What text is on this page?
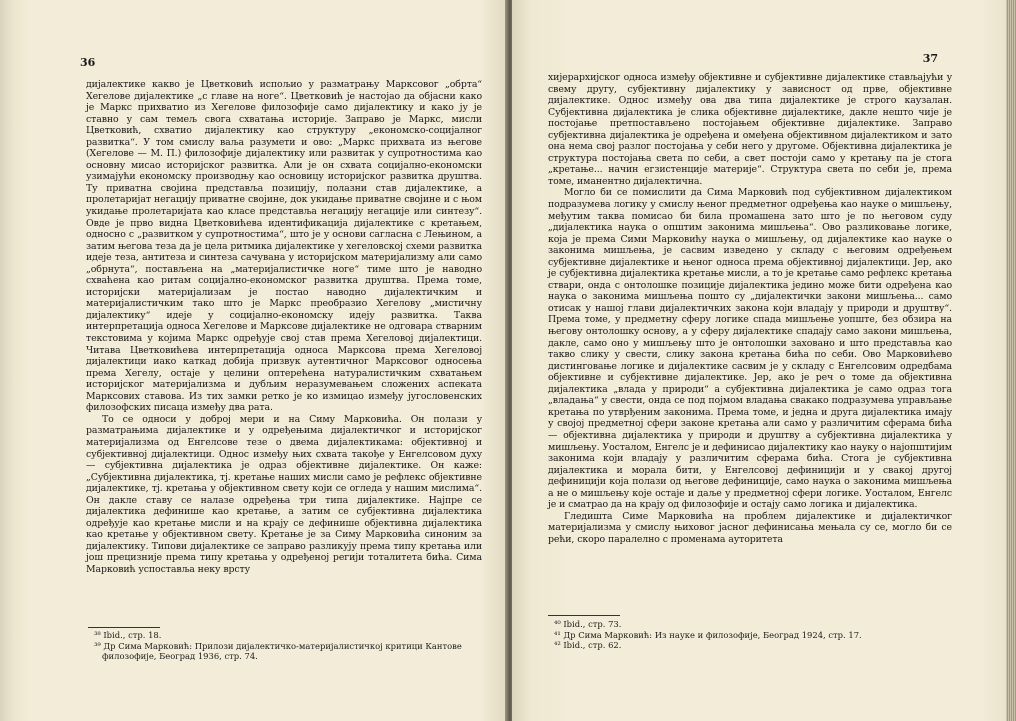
36

дијалектике какво је Цветковић испољио у разматрању Марксовог „обрта“ Хегелове дијалектике „с главе на ноге“. Цветковић је настојао да објасни како је Маркс прихватио из Хегелове филозофије само дијалектику и како ју је ставно у сам темељ свога схватања историје. Заправо је Маркс, мисли Цветковић, схватио дијалектику као структуру „економско-социјалног развитка“. У том смислу ваља разумети и ово: „Маркс прихвата из његове (Хегелове — М. П.) филозофије дијалектику или развитак у супротностима као основну мисао историјског развитка. Али је он схвата социјално-економски узимајући економску производњу као основицу историјског развитка друштва. Ту приватна својина представља позицију, полазни став дијалектике, а пролетаријат негацију приватне својине, док укидање приватне својине и с њом укидање пролетаријата као класе представља негацију негације или синтезу“. Овде је прво видна Цветковићева идентификација дијалектике с кретањем, односно с „развитком у супротностима“, што је у основи сагласна с Лењином, а затим његова теза да је цела ритмика дијалектике у хегеловској схеми развитка идеје теза, антитеза и синтеза сачувана у историјском материјализму али само „обрнута“, постављена на „материјалистичке ноге“ тиме што је наводно схваћена као ритам социјално-економског развитка друштва. Према томе, историјски материјализам је постао наводно дијалектичким и материјалистичким тако што је Маркс преобразио Хегелову „мистичну дијалектику“ идеје у социјално-економску идеју развитка. Таква интерпретација односа Хегелове и Марксове дијалектике не одговара стварним текстовима у којима Маркс одређује свој став према Хегеловој дијалектици. Читава Цветковићева интерпретација односа Марксова према Хегеловој дијалектици иако каткад добија призвук аутентичног Марксовог односења према Хегелу, остаје у целини оптерећена натуралистичким схватањем историјског материјализма и дубљим неразумевањем сложених аспеката Марксових ставова. Из тих замки ретко је ко измицао између југословенских филозофских писаца између два рата.

То се односи у доброј мери и на Симу Марковића. Он полази у разматрањима дијалектике и у одређењима дијалектичког и историјског материјализма од Енгелсове тезе о двема дијалектикама: објективној и субјективној дијалектици. Однос између њих схвата такође у Енгелсовом духу — субјективна дијалектика је одраз објективне дијалектике. Он каже: „Субјективна дијалектика, тј. кретање наших мисли само је рефлекс објективне дијалектике, тј. кретања у објективном свету који се огледа у нашим мислима“. Он дакле ставу се налазе одређења три типа дијалектике. Најпре се дијалектика дефинише као кретање, а затим се субјективна дијалектика одређује као кретање мисли и на крају се дефинише објективна дијалектика као кретање у објективном свету. Кретање је за Симу Марковића синоним за дијалектику. Типови дијалектике се заправо разликују према типу кретања или још прецизније према типу кретања у одређеној регији тоталитета бића. Сима Марковић успоставља неку врсту

³⁸ Ibid., стр. 18.
³⁹ Др Сима Марковић: Прилози дијалектичко-материјалистичкој критици Кантове филозофије, Београд 1936, стр. 74.
37

хијерархијског односа између објективне и субјективне дијалектике стављајући у свему другу, субјективну дијалектику у зависност од прве, објективне дијалектике. Однос између ова два типа дијалектике је строго каузалан. Субјективна дијалектика је слика објективне дијалектике, дакле нешто чије је постојање претпостављено постојањем објективне дијалектике. Заправо субјективна дијалектика је одређена и омеђена објективном дијалектиком и зато она нема свој разлог постојања у себи него у другоме. Објективна дијалектика је структура постојања света по себи, а свет постоји само у кретању па је стога „кретање... начин егзистенције материје“. Структура света по себи је, према томе, иманентно дијалектична.

Могло би се помислити да Сима Марковић под субјективном дијалектиком подразумева логику у смислу њеног предметног одређења као науке о мишљењу, међутим таква помисао би била промашена зато што је по његовом суду „дијалектика наука о општим законима мишљења“. Ово разликовање логике, која је према Сими Марковићу наука о мишљењу, од дијалектике као науке о законима мишљења, је сасвим изведено у складу с његовим одређењем субјективне дијалектике и њеног односа према објективној дијалектици. Јер, ако је субјективна дијалектика кретање мисли, а то је кретање само рефлекс кретања ствари, онда с онтолошке позиције дијалектика једино може бити одређена као наука о законима мишљења пошто су „дијалектички закони мишљења... само отисак у нашој глави дијалектичких закона који владају у природи и друштву“. Према томе, у предметну сферу логике спада мишљење уопште, без обзира на његову онтолошку основу, а у сферу дијалектике спадају само закони мишљења, дакле, само оно у мишљењу што је онтолошки заховано и што представља као такво слику у свести, слику закона кретања бића по себи. Ово Марковићево дистинговање логике и дијалектике сасвим је у складу с Енгелсовим одредбама објективне и субјективне дијалектике. Јер, ако је реч о томе да објективна дијалектика „влада у природи“ а субјективна дијалектика је само одраз тога „владања“ у свести, онда се под појмом владања свакако подразумева управљање кретања по утврђеним законима. Према томе, и једна и друга дијалектика имају у својој предметној сфери законе кретања али само у различитим сферама бића — објективна дијалектика у природи и друштву а субјективна дијалектика у мишљењу. Уосталом, Енгелс је и дефинисао дијалектику као науку о најопштијим законима који владају у различитим сферама бића. Стога је субјективна дијалектика и морала бити, у Енгелсовој дефиницији и у свакој другој дефиницији која полази од његове дефиниције, само наука о законима мишљења а не о мишљењу које остаје и даље у предметној сфери логике. Уосталом, Енгелс је и сматрао да на крају од филозофије и остају само логика и дијалектика.

Гледишта Симе Марковића на проблем дијалектике и дијалектичког материјализма у смислу њиховог јасног дефинисања мењала су се, могло би се рећи, скоро паралелно с променама ауторитета

⁴⁰ Ibid., стр. 73.
⁴¹ Др Сима Марковић: Из науке и филозофије, Београд 1924, стр. 17.
⁴² Ibid., стр. 62.
